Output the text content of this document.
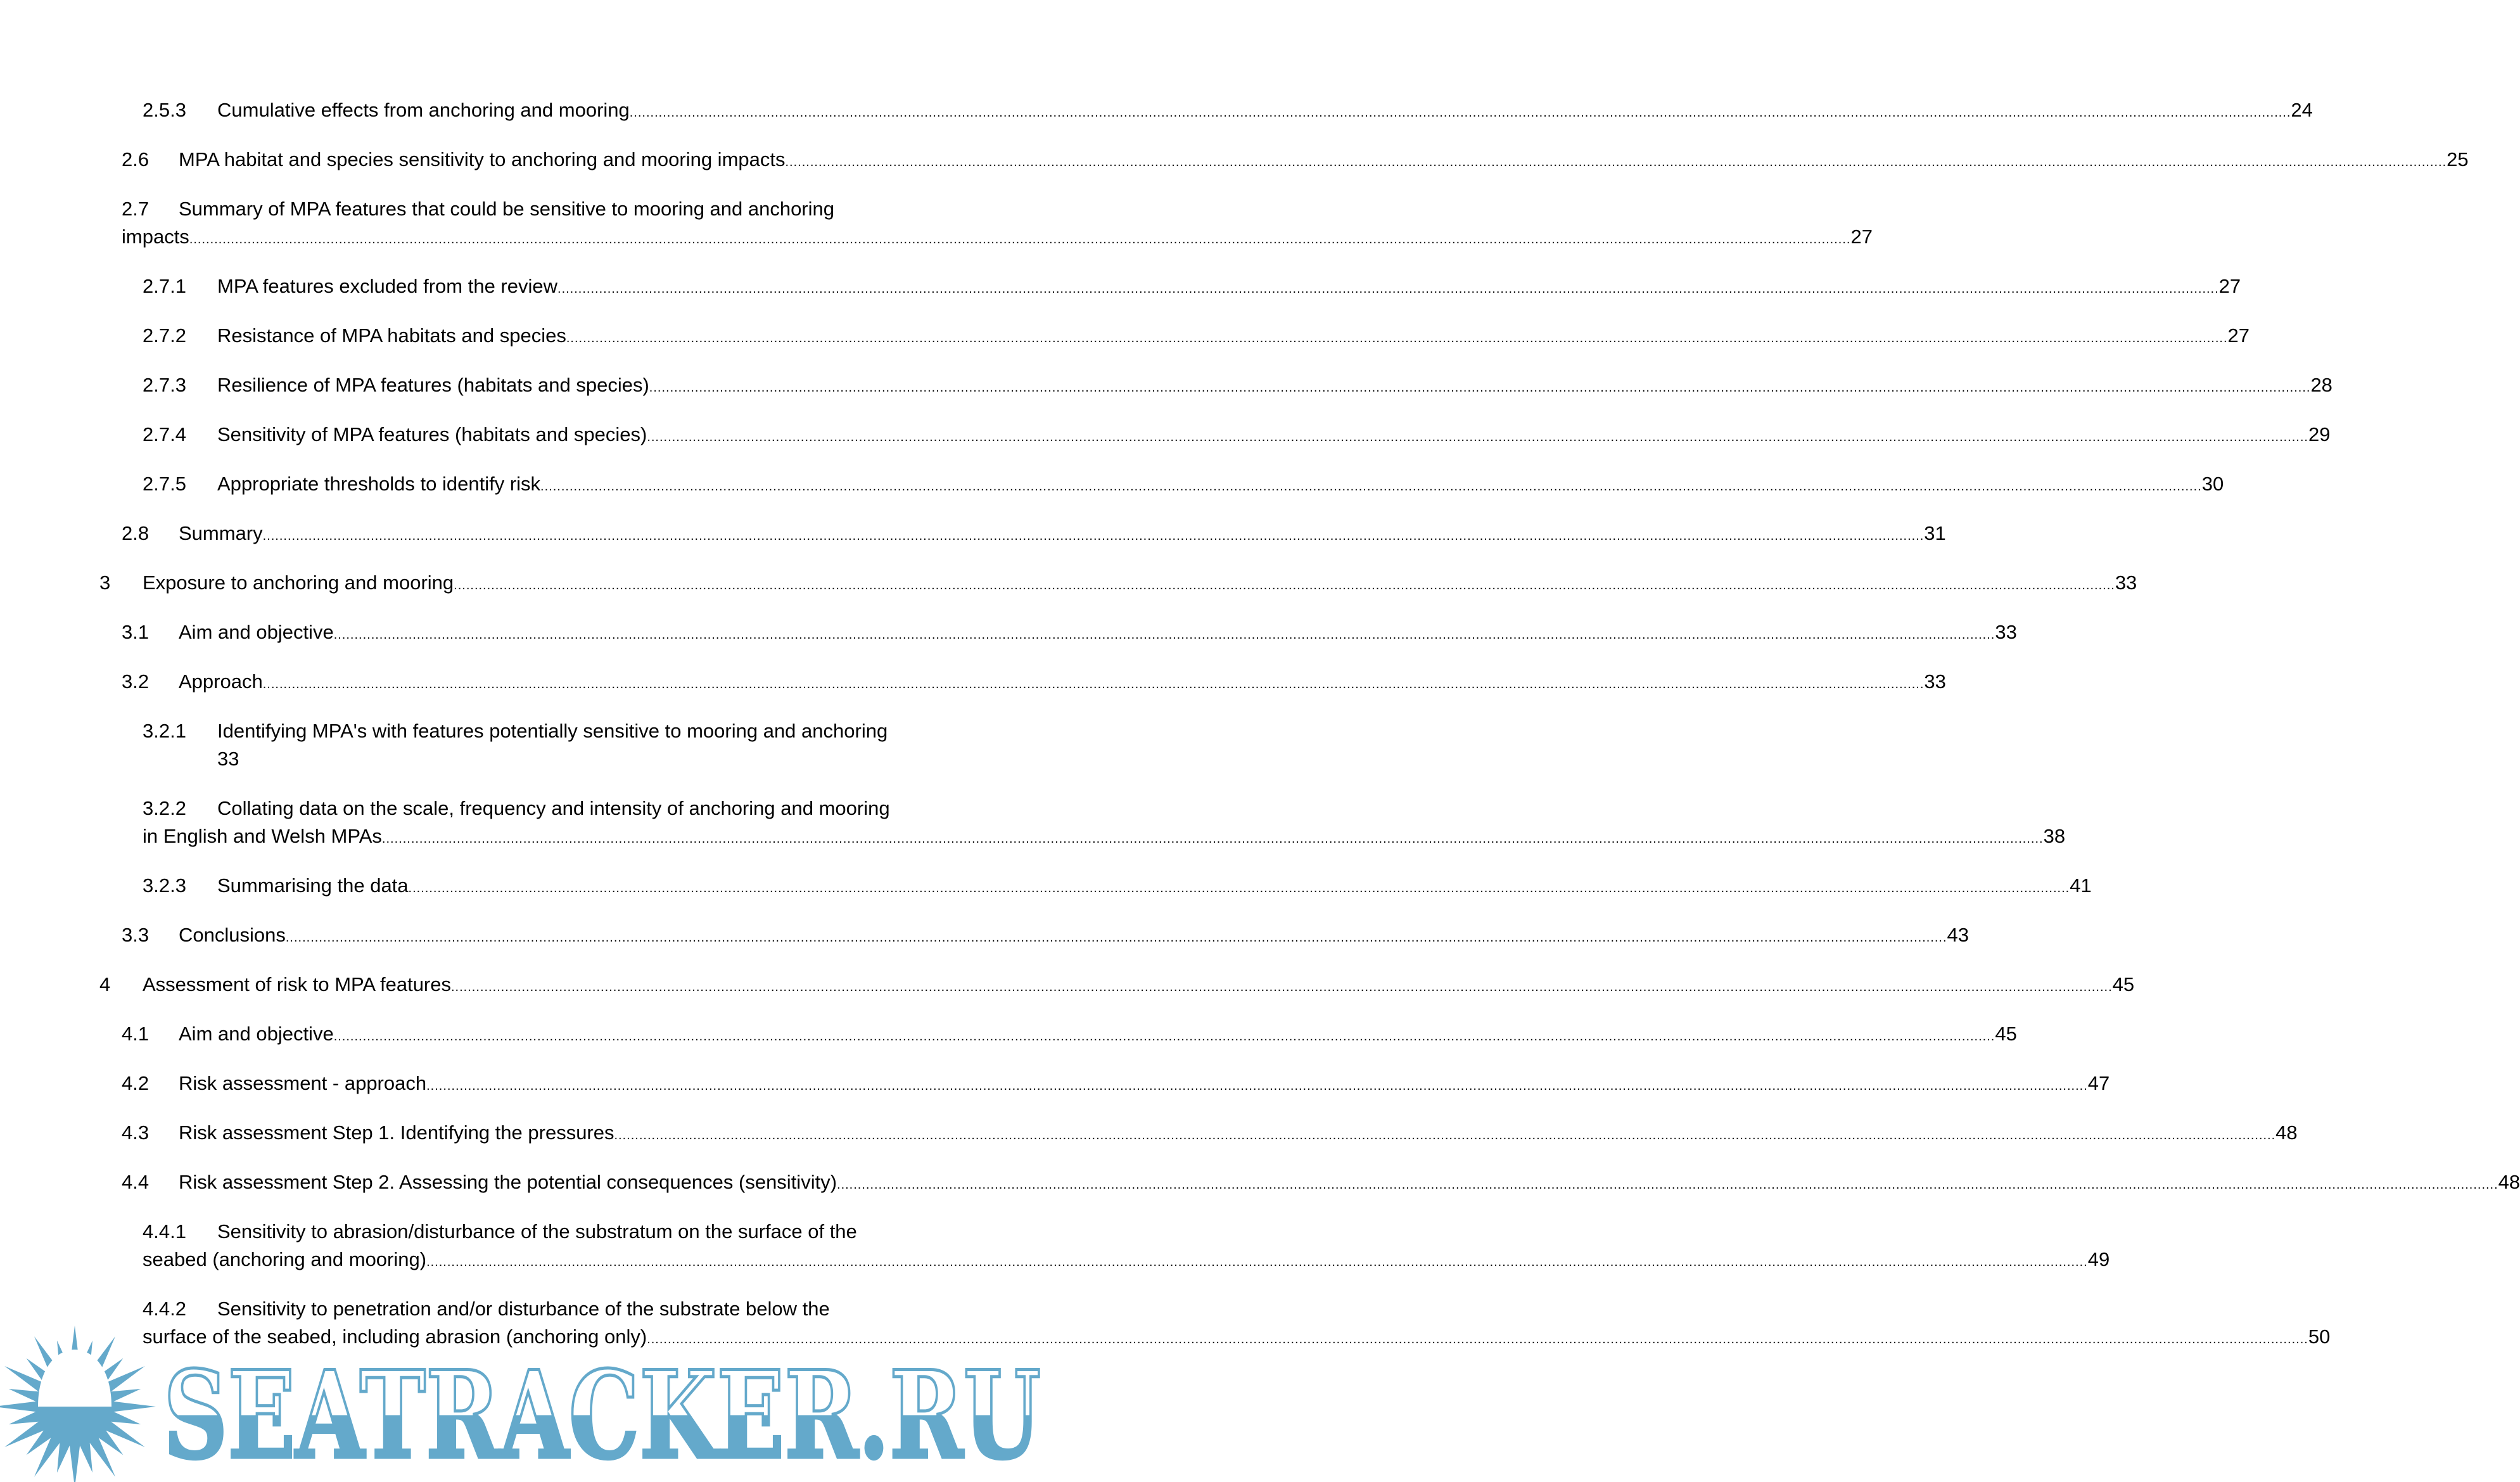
2.5.3 Cumulative effects from anchoring and mooring ................................................................................................................................................................................................................................................................................................................................................................................................................ 24
2.6 MPA habitat and species sensitivity to anchoring and mooring impacts ................................................................................................................................................................................................................................................................................................................................................................................................................ 25
2.7 Summary of MPA features that could be sensitive to mooring and anchoring
impacts ................................................................................................................................................................................................................................................................................................................................................................................................................ 27
2.7.1 MPA features excluded from the review ................................................................................................................................................................................................................................................................................................................................................................................................................ 27
2.7.2 Resistance of MPA habitats and species ................................................................................................................................................................................................................................................................................................................................................................................................................ 27
2.7.3 Resilience of MPA features (habitats and species) ................................................................................................................................................................................................................................................................................................................................................................................................................ 28
2.7.4 Sensitivity of MPA features (habitats and species) ................................................................................................................................................................................................................................................................................................................................................................................................................ 29
2.7.5 Appropriate thresholds to identify risk ................................................................................................................................................................................................................................................................................................................................................................................................................ 30
2.8 Summary ................................................................................................................................................................................................................................................................................................................................................................................................................ 31
3 Exposure to anchoring and mooring ................................................................................................................................................................................................................................................................................................................................................................................................................ 33
3.1 Aim and objective ................................................................................................................................................................................................................................................................................................................................................................................................................ 33
3.2 Approach ................................................................................................................................................................................................................................................................................................................................................................................................................ 33
3.2.1 Identifying MPA's with features potentially sensitive to mooring and anchoring
33
3.2.2 Collating data on the scale, frequency and intensity of anchoring and mooring
in English and Welsh MPAs ................................................................................................................................................................................................................................................................................................................................................................................................................ 38
3.2.3 Summarising the data ................................................................................................................................................................................................................................................................................................................................................................................................................ 41
3.3 Conclusions ................................................................................................................................................................................................................................................................................................................................................................................................................ 43
4 Assessment of risk to MPA features ................................................................................................................................................................................................................................................................................................................................................................................................................ 45
4.1 Aim and objective ................................................................................................................................................................................................................................................................................................................................................................................................................ 45
4.2 Risk assessment - approach ................................................................................................................................................................................................................................................................................................................................................................................................................ 47
4.3 Risk assessment Step 1. Identifying the pressures ................................................................................................................................................................................................................................................................................................................................................................................................................ 48
4.4 Risk assessment Step 2. Assessing the potential consequences (sensitivity) ................................................................................................................................................................................................................................................................................................................................................................................................................ 48
4.4.1 Sensitivity to abrasion/disturbance of the substratum on the surface of the
seabed (anchoring and mooring) ................................................................................................................................................................................................................................................................................................................................................................................................................ 49
4.4.2 Sensitivity to penetration and/or disturbance of the substrate below the
surface of the seabed, including abrasion (anchoring only) ................................................................................................................................................................................................................................................................................................................................................................................................................ 50
SEATRACKER.RU
